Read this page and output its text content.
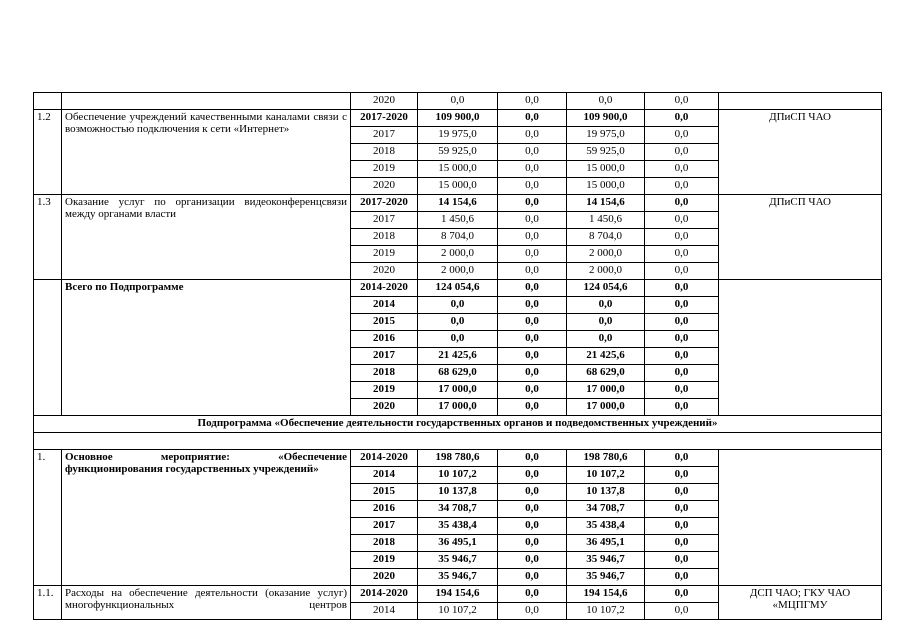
		2020	0,0	0,0	0,0	0,0	
1.2	Обеспечение учреждений качественными каналами связи с возможностью подключения к сети «Интернет»	2017-2020	109 900,0	0,0	109 900,0	0,0	ДПиСП ЧАО
		2017	19 975,0	0,0	19 975,0	0,0	
		2018	59 925,0	0,0	59 925,0	0,0	
		2019	15 000,0	0,0	15 000,0	0,0	
		2020	15 000,0	0,0	15 000,0	0,0	
1.3	Оказание услуг по организации видеоконференцсвязи между органами власти	2017-2020	14 154,6	0,0	14 154,6	0,0	ДПиСП ЧАО
		2017	1 450,6	0,0	1 450,6	0,0	
		2018	8 704,0	0,0	8 704,0	0,0	
		2019	2 000,0	0,0	2 000,0	0,0	
		2020	2 000,0	0,0	2 000,0	0,0	
	Всего по Подпрограмме	2014-2020	124 054,6	0,0	124 054,6	0,0	
		2014	0,0	0,0	0,0	0,0	
		2015	0,0	0,0	0,0	0,0	
		2016	0,0	0,0	0,0	0,0	
		2017	21 425,6	0,0	21 425,6	0,0	
		2018	68 629,0	0,0	68 629,0	0,0	
		2019	17 000,0	0,0	17 000,0	0,0	
		2020	17 000,0	0,0	17 000,0	0,0	
Подпрограмма «Обеспечение деятельности государственных органов и подведомственных учреждений»							

1.	Основное мероприятие: «Обеспечение функционирования государственных учреждений»	2014-2020	198 780,6	0,0	198 780,6	0,0	
		2014	10 107,2	0,0	10 107,2	0,0	
		2015	10 137,8	0,0	10 137,8	0,0	
		2016	34 708,7	0,0	34 708,7	0,0	
		2017	35 438,4	0,0	35 438,4	0,0	
		2018	36 495,1	0,0	36 495,1	0,0	
		2019	35 946,7	0,0	35 946,7	0,0	
		2020	35 946,7	0,0	35 946,7	0,0	
1.1.	Расходы на обеспечение деятельности (оказание услуг) многофункциональных центров	2014-2020	194 154,6	0,0	194 154,6	0,0	ДСП ЧАО; ГКУ ЧАО «МЦПГМУ
		2014	10 107,2	0,0	10 107,2	0,0	
